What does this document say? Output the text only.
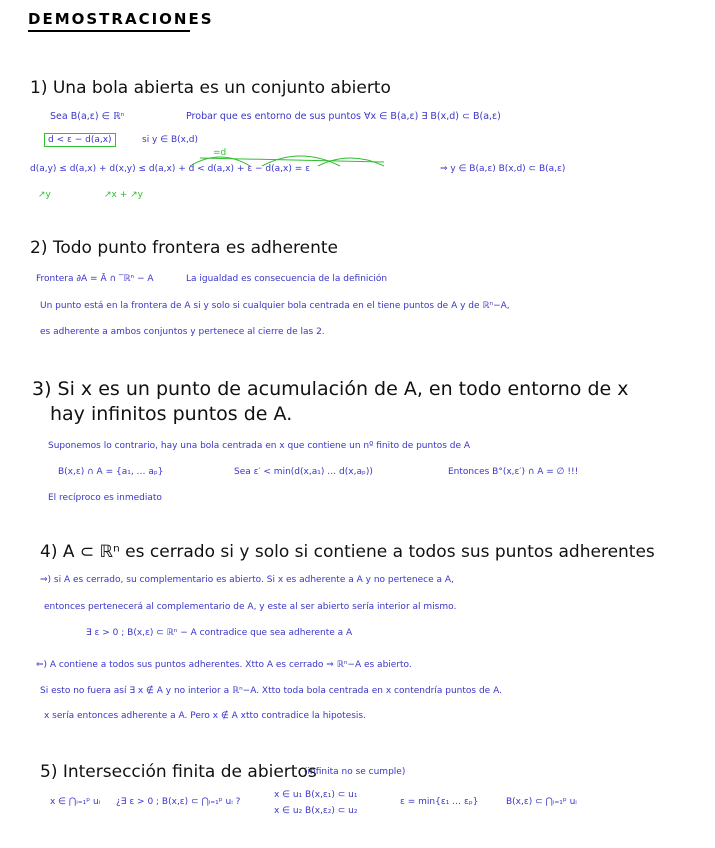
DEMOSTRACIONES
1) Una bola abierta es un conjunto abierto
Sea B(a,ε) ∈ ℝⁿ	Probar que es entorno de sus puntos ∀x ∈ B(a,ε) ∃ B(x,d) ⊂ B(a,ε)
d < ε − d(a,x)	si y ∈ B(x,d)
=d
d(a,y) ≤ d(a,x) + d(x,y) ≤ d(a,x) + d < d(a,x) + ε − d(a,x) = ε	⇒ y ∈ B(a,ε) B(x,d) ⊂ B(a,ε)
↗y	↗x + ↗y
2) Todo punto frontera es adherente
Frontera ∂A = Ā ∩ ‾ℝⁿ − A	La igualdad es consecuencia de la definición
Un punto está en la frontera de A si y solo si cualquier bola centrada en el tiene puntos de A y de ℝⁿ−A,
es adherente a ambos conjuntos y pertenece al cierre de las 2.
3) Si x es un punto de acumulación de A, en todo entorno de x
hay infinitos puntos de A.
Suponemos lo contrario, hay una bola centrada en x que contiene un nº finito de puntos de A
B(x,ε) ∩ A = {a₁, … aₚ}	Sea ε′ < min(d(x,a₁) … d(x,aₚ))	Entonces B°(x,ε′) ∩ A = ∅ !!!
El recíproco es inmediato
4) A ⊂ ℝⁿ es cerrado si y solo si contiene a todos sus puntos adherentes
⇒) si A es cerrado, su complementario es abierto. Si x es adherente a A y no pertenece a A,
entonces pertenecerá al complementario de A, y este al ser abierto sería interior al mismo.
∃ ε > 0 ; B(x,ε) ⊂ ℝⁿ − A contradice que sea adherente a A
⇐) A contiene a todos sus puntos adherentes. Xtto A es cerrado ⇒ ℝⁿ−A es abierto.
Si esto no fuera así ∃ x ∉ A y no interior a ℝⁿ−A. Xtto toda bola centrada en x contendría puntos de A.
x sería entonces adherente a A. Pero x ∉ A xtto contradice la hipotesis.
5) Intersección finita de abiertos
(infinita no se cumple)
x ∈ ⋂ᵢ₌₁ᵖ uᵢ ¿∃ ε > 0 ; B(x,ε) ⊂ ⋂ᵢ₌₁ᵖ uᵢ ?
x ∈ u₁ B(x,ε₁) ⊂ u₁
x ∈ u₂ B(x,ε₂) ⊂ u₂
ε = min{ε₁ … εₚ}	B(x,ε) ⊂ ⋂ᵢ₌₁ᵖ uᵢ
